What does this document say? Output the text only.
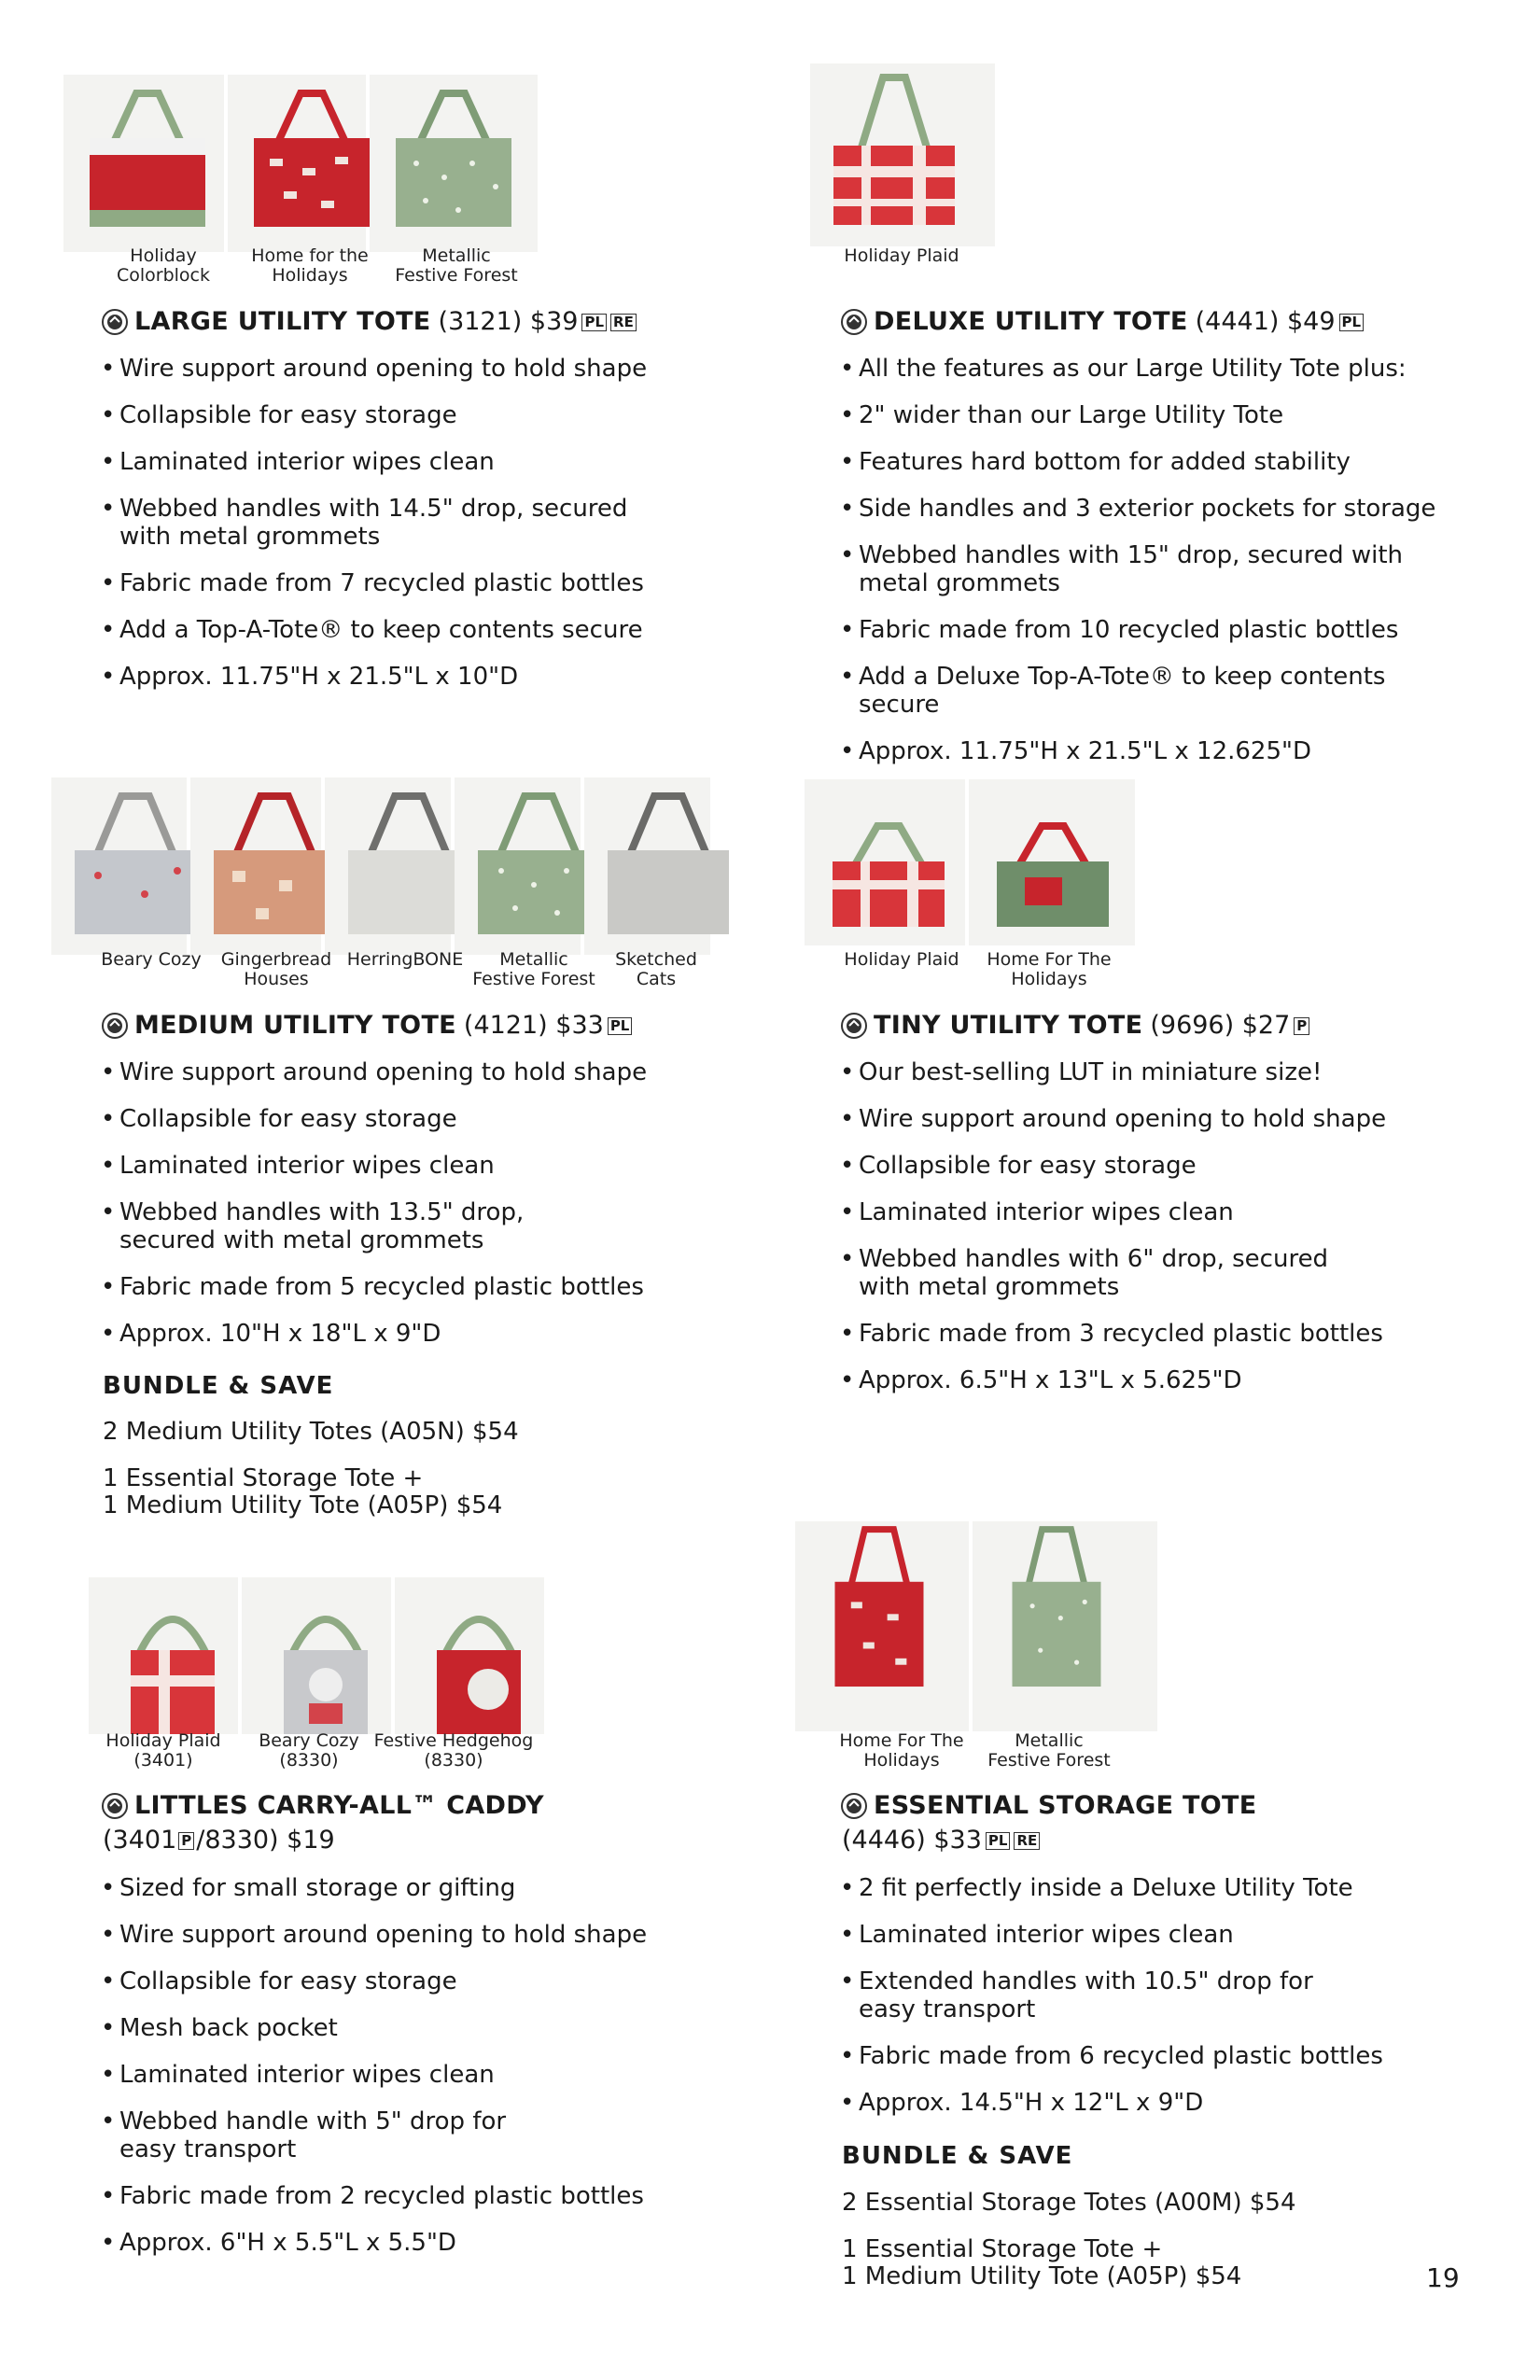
Holiday
Colorblock
Home for the
Holidays
Metallic
Festive Forest
LARGE UTILITY TOTE (3121) $39 PL RE
• Wire support around opening to hold shape
• Collapsible for easy storage
• Laminated interior wipes clean
• Webbed handles with 14.5" drop, secured
with metal grommets
• Fabric made from 7 recycled plastic bottles
• Add a Top-A-Tote® to keep contents secure
• Approx. 11.75"H x 21.5"L x 10"D
Holiday Plaid
DELUXE UTILITY TOTE (4441) $49 PL
• All the features as our Large Utility Tote plus:
• 2" wider than our Large Utility Tote
• Features hard bottom for added stability
• Side handles and 3 exterior pockets for storage
• Webbed handles with 15" drop, secured with
metal grommets
• Fabric made from 10 recycled plastic bottles
• Add a Deluxe Top-A-Tote® to keep contents secure
• Approx. 11.75"H x 21.5"L x 12.625"D
Beary Cozy	Gingerbread
Houses
HerringBONE	Metallic
Festive Forest
Sketched
Cats
MEDIUM UTILITY TOTE (4121) $33 PL
• Wire support around opening to hold shape
• Collapsible for easy storage
• Laminated interior wipes clean
• Webbed handles with 13.5" drop,
secured with metal grommets
• Fabric made from 5 recycled plastic bottles
• Approx. 10"H x 18"L x 9"D
BUNDLE & SAVE
2 Medium Utility Totes (A05N) $54
1 Essential Storage Tote +
1 Medium Utility Tote (A05P) $54
Holiday Plaid	Home For The
Holidays
TINY UTILITY TOTE (9696) $27 P
• Our best-selling LUT in miniature size!
• Wire support around opening to hold shape
• Collapsible for easy storage
• Laminated interior wipes clean
• Webbed handles with 6" drop, secured
with metal grommets
• Fabric made from 3 recycled plastic bottles
• Approx. 6.5"H x 13"L x 5.625"D
Holiday Plaid
(3401)
Beary Cozy
(8330)
Festive Hedgehog
(8330)
LITTLES CARRY-ALL™ CADDY
(3401 P /8330) $19
• Sized for small storage or gifting
• Wire support around opening to hold shape
• Collapsible for easy storage
• Mesh back pocket
• Laminated interior wipes clean
• Webbed handle with 5" drop for
easy transport
• Fabric made from 2 recycled plastic bottles
• Approx. 6"H x 5.5"L x 5.5"D
Home For The
Holidays
Metallic
Festive Forest
ESSENTIAL STORAGE TOTE
(4446) $33 PL RE
• 2 fit perfectly inside a Deluxe Utility Tote
• Laminated interior wipes clean
• Extended handles with 10.5" drop for
easy transport
• Fabric made from 6 recycled plastic bottles
• Approx. 14.5"H x 12"L x 9"D
BUNDLE & SAVE
2 Essential Storage Totes (A00M) $54
1 Essential Storage Tote +
1 Medium Utility Tote (A05P) $54	19
